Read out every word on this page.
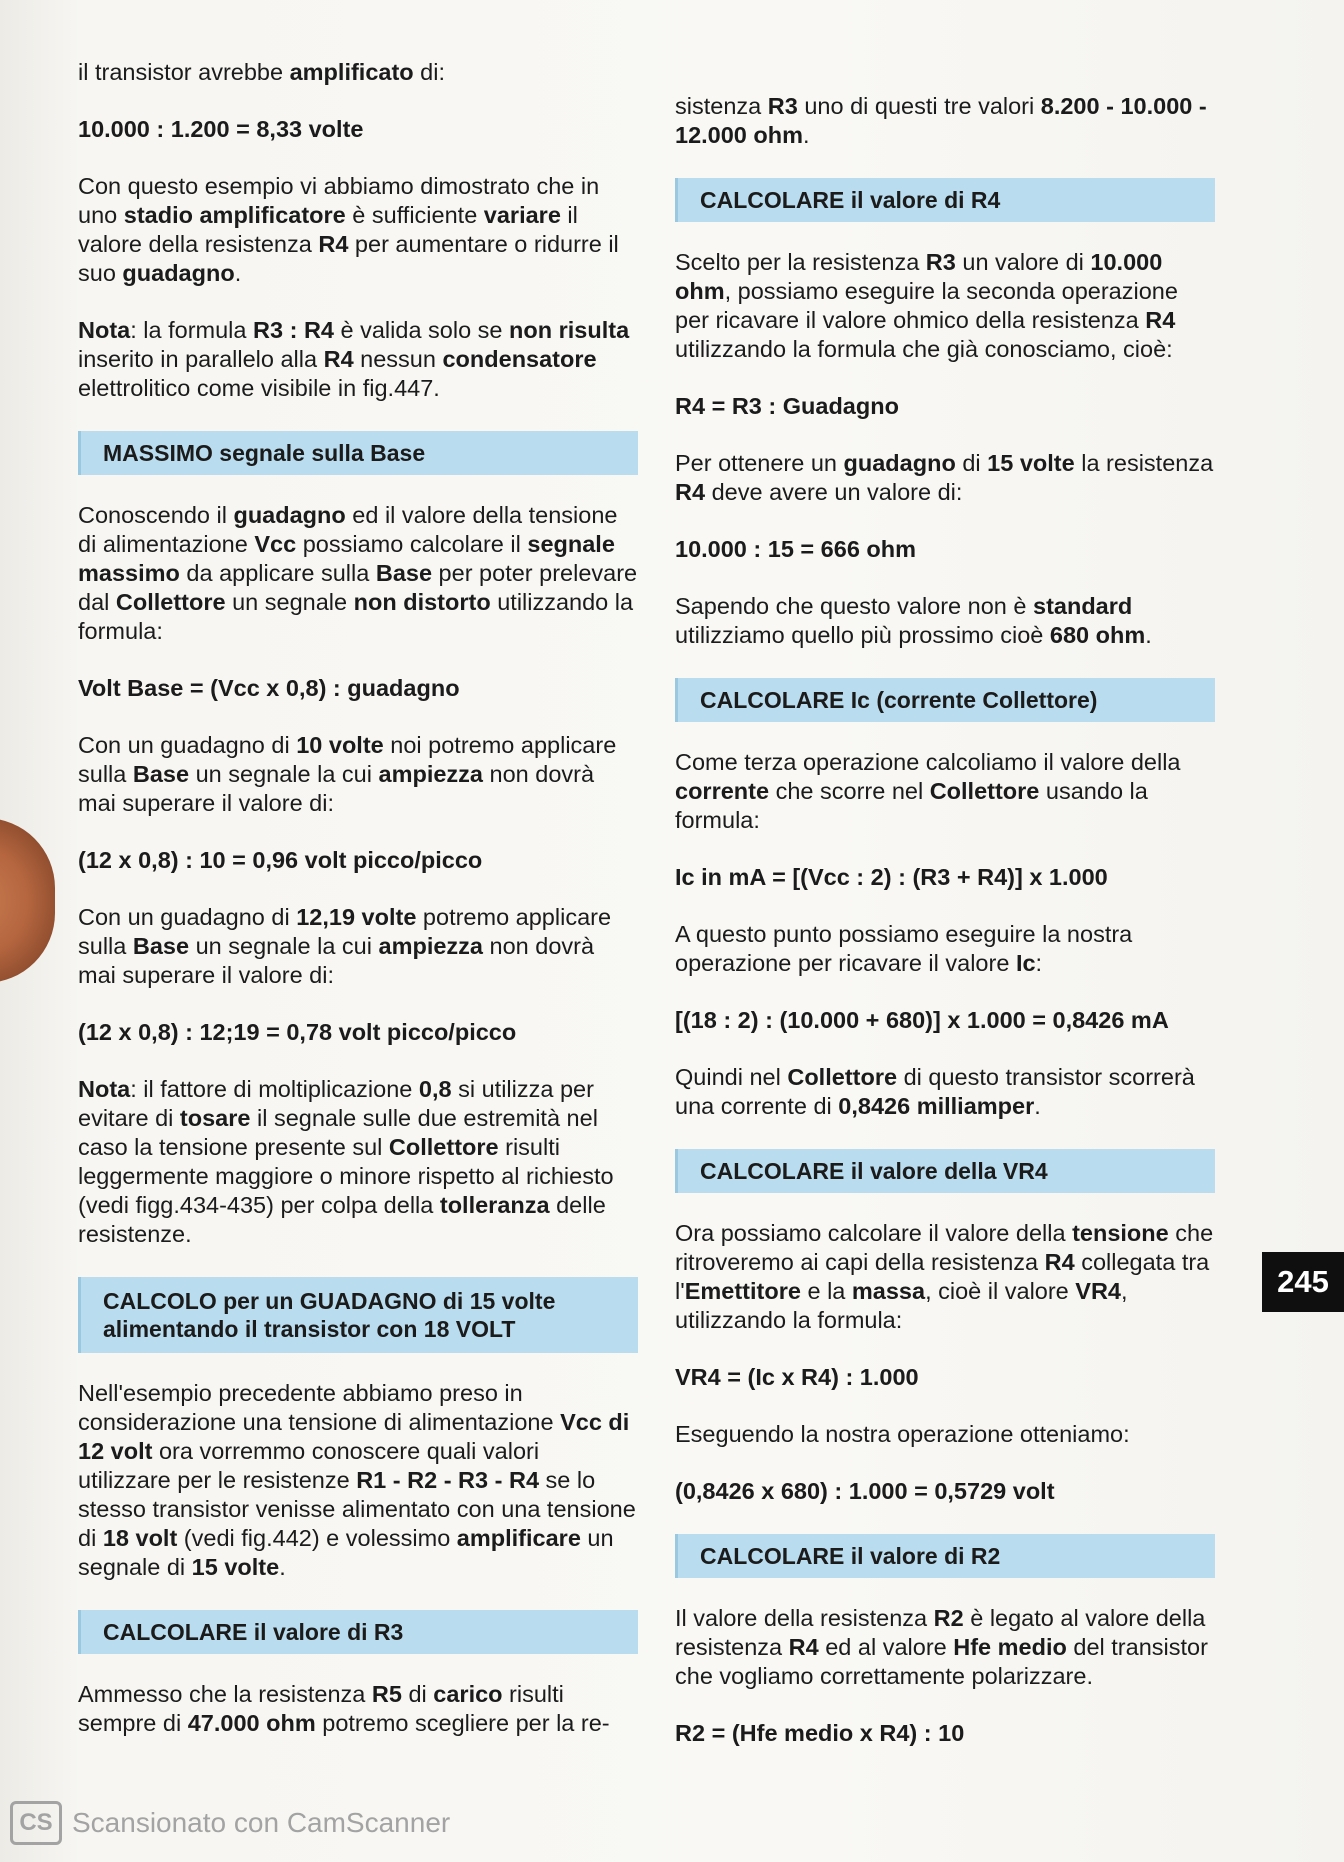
il transistor avrebbe amplificato di:

10.000 : 1.200 = 8,33 volte

Con questo esempio vi abbiamo dimostrato che in uno stadio amplificatore è sufficiente variare il valore della resistenza R4 per aumentare o ridurre il suo guadagno.

Nota: la formula R3 : R4 è valida solo se non risulta inserito in parallelo alla R4 nessun condensatore elettrolitico come visibile in fig.447.

MASSIMO segnale sulla Base

Conoscendo il guadagno ed il valore della tensione di alimentazione Vcc possiamo calcolare il segnale massimo da applicare sulla Base per poter prelevare dal Collettore un segnale non distorto utilizzando la formula:

Volt Base = (Vcc x 0,8) : guadagno

Con un guadagno di 10 volte noi potremo applicare sulla Base un segnale la cui ampiezza non dovrà mai superare il valore di:

(12 x 0,8) : 10 = 0,96 volt picco/picco

Con un guadagno di 12,19 volte potremo applicare sulla Base un segnale la cui ampiezza non dovrà mai superare il valore di:

(12 x 0,8) : 12;19 = 0,78 volt picco/picco

Nota: il fattore di moltiplicazione 0,8 si utilizza per evitare di tosare il segnale sulle due estremità nel caso la tensione presente sul Collettore risulti leggermente maggiore o minore rispetto al richiesto (vedi figg.434-435) per colpa della tolleranza delle resistenze.

CALCOLO per un GUADAGNO di 15 volte
alimentando il transistor con 18 VOLT

Nell'esempio precedente abbiamo preso in considerazione una tensione di alimentazione Vcc di 12 volt ora vorremmo conoscere quali valori utilizzare per le resistenze R1 - R2 - R3 - R4 se lo stesso transistor venisse alimentato con una tensione di 18 volt (vedi fig.442) e volessimo amplificare un segnale di 15 volte.

CALCOLARE il valore di R3

Ammesso che la resistenza R5 di carico risulti sempre di 47.000 ohm potremo scegliere per la re-

sistenza R3 uno di questi tre valori 8.200 - 10.000 - 12.000 ohm.

CALCOLARE il valore di R4

Scelto per la resistenza R3 un valore di 10.000 ohm, possiamo eseguire la seconda operazione per ricavare il valore ohmico della resistenza R4 utilizzando la formula che già conosciamo, cioè:

R4 = R3 : Guadagno

Per ottenere un guadagno di 15 volte la resistenza R4 deve avere un valore di:

10.000 : 15 = 666 ohm

Sapendo che questo valore non è standard utilizziamo quello più prossimo cioè 680 ohm.

CALCOLARE Ic (corrente Collettore)

Come terza operazione calcoliamo il valore della corrente che scorre nel Collettore usando la formula:

Ic in mA = [(Vcc : 2) : (R3 + R4)] x 1.000

A questo punto possiamo eseguire la nostra operazione per ricavare il valore Ic:

[(18 : 2) : (10.000 + 680)] x 1.000 = 0,8426 mA

Quindi nel Collettore di questo transistor scorrerà una corrente di 0,8426 milliamper.

CALCOLARE il valore della VR4

Ora possiamo calcolare il valore della tensione che ritroveremo ai capi della resistenza R4 collegata tra l'Emettitore e la massa, cioè il valore VR4, utilizzando la formula:

VR4 = (Ic x R4) : 1.000

Eseguendo la nostra operazione otteniamo:

(0,8426 x 680) : 1.000 = 0,5729 volt

CALCOLARE il valore di R2

Il valore della resistenza R2 è legato al valore della resistenza R4 ed al valore Hfe medio del transistor che vogliamo correttamente polarizzare.

R2 = (Hfe medio x R4) : 10

245
CS Scansionato con CamScanner
